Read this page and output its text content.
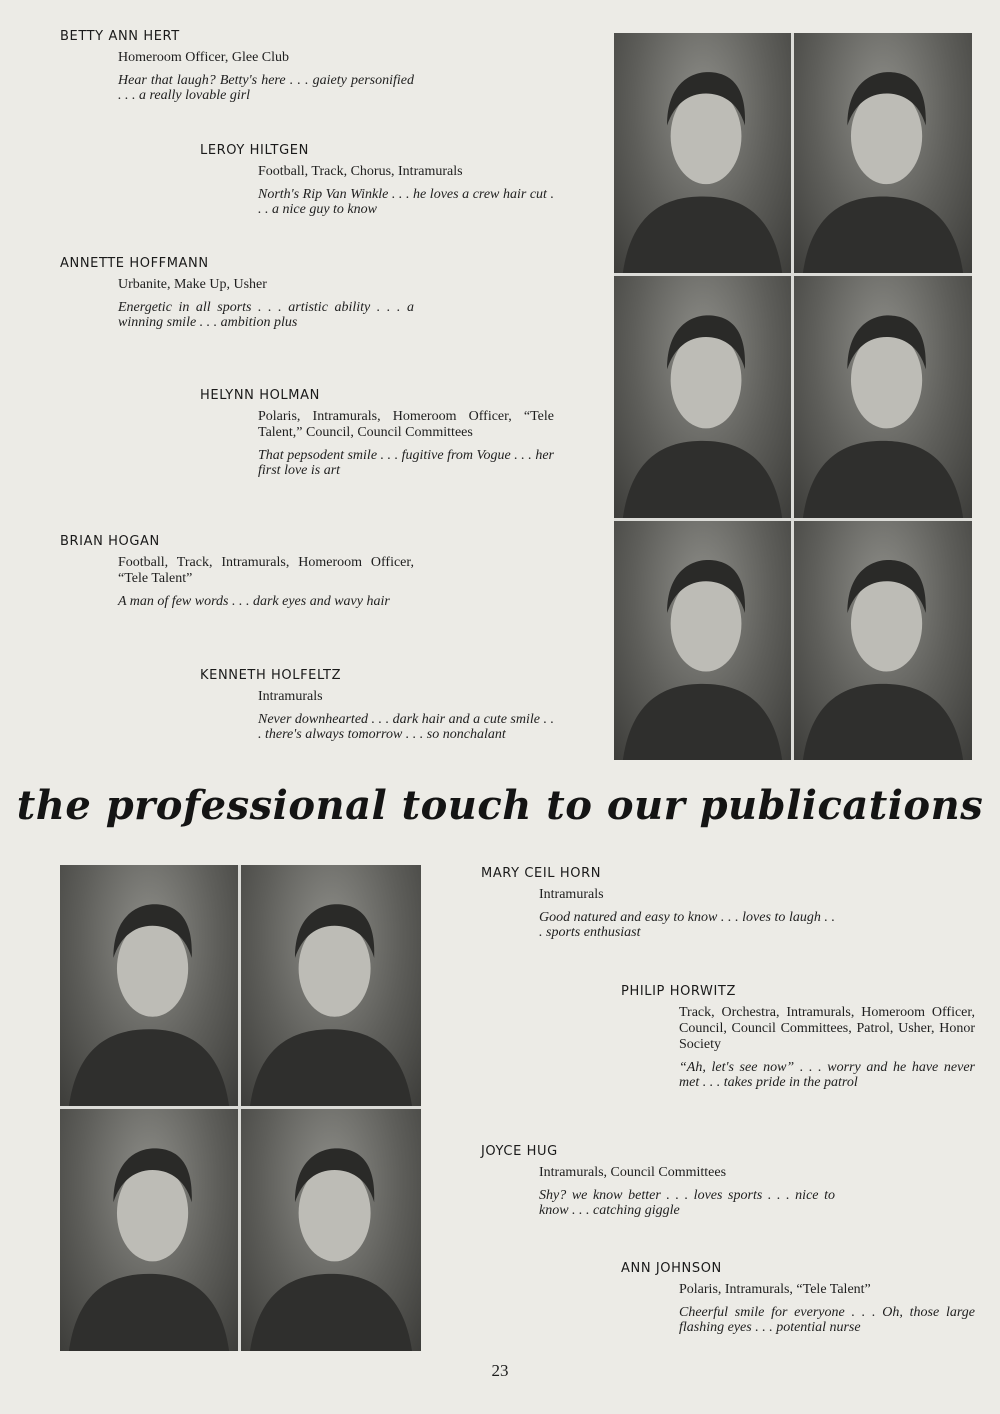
BETTY ANN HERT
Homeroom Officer, Glee Club
Hear that laugh? Betty's here . . . gaiety personified . . . a really lovable girl
LEROY HILTGEN
Football, Track, Chorus, Intramurals
North's Rip Van Winkle . . . he loves a crew hair cut . . . a nice guy to know
ANNETTE HOFFMANN
Urbanite, Make Up, Usher
Energetic in all sports . . . artistic ability . . . a winning smile . . . ambition plus
HELYNN HOLMAN
Polaris, Intramurals, Homeroom Officer, “Tele Talent,” Council, Council Committees
That pepsodent smile . . . fugitive from Vogue . . . her first love is art
BRIAN HOGAN
Football, Track, Intramurals, Homeroom Officer, “Tele Talent”
A man of few words . . . dark eyes and wavy hair
KENNETH HOLFELTZ
Intramurals
Never downhearted . . . dark hair and a cute smile . . . there's always tomorrow . . . so nonchalant
the professional touch to our publications
MARY CEIL HORN
Intramurals
Good natured and easy to know . . . loves to laugh . . . sports enthusiast
PHILIP HORWITZ
Track, Orchestra, Intramurals, Homeroom Officer, Council, Council Committees, Patrol, Usher, Honor Society
“Ah, let's see now” . . . worry and he have never met . . . takes pride in the patrol
JOYCE HUG
Intramurals, Council Committees
Shy? we know better . . . loves sports . . . nice to know . . . catching giggle
ANN JOHNSON
Polaris, Intramurals, “Tele Talent”
Cheerful smile for everyone . . . Oh, those large flashing eyes . . . potential nurse
23
